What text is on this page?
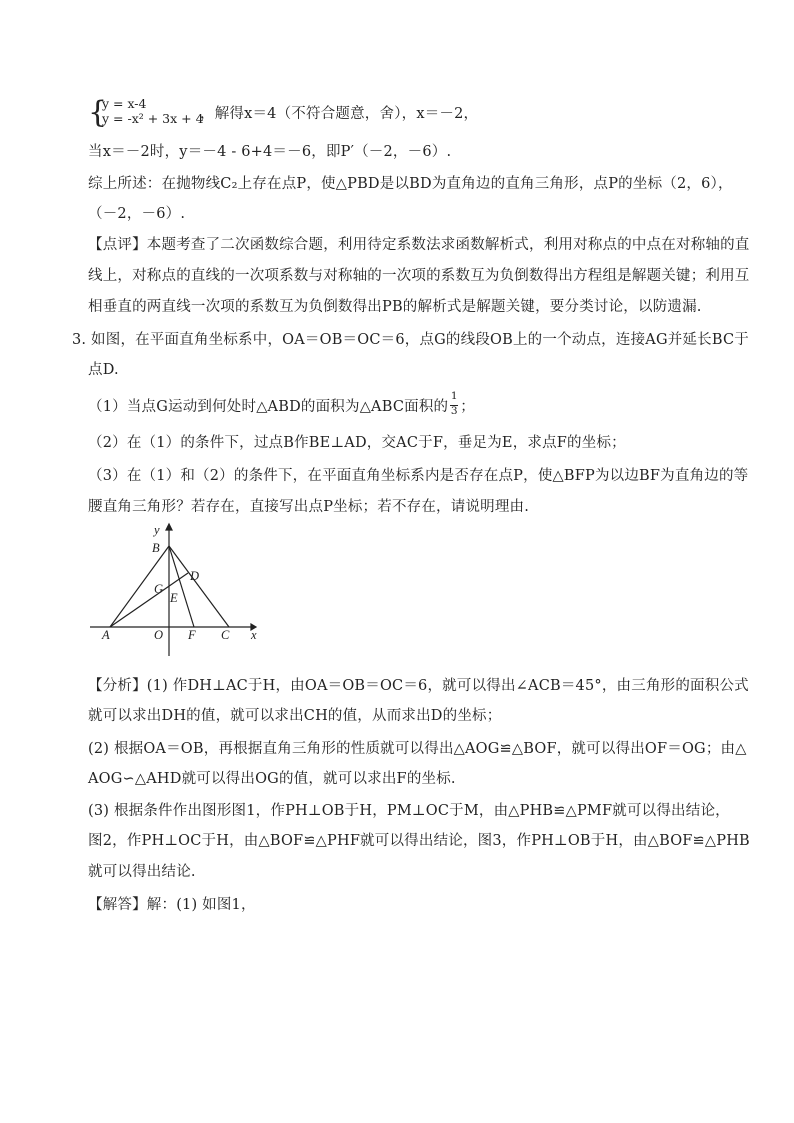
{
y = x-4
y = -x² + 3x + 4
，解得x＝4（不符合题意，舍），x＝－2，
当x＝－2时，y＝－4 - 6+4＝－6，即P′（－2，－6）.
综上所述：在抛物线C₂上存在点P，使△PBD是以BD为直角边的直角三角形，点P的坐标（2，6），
（－2，－6）.
【点评】本题考查了二次函数综合题，利用待定系数法求函数解析式，利用对称点的中点在对称轴的直
线上，对称点的直线的一次项系数与对称轴的一次项的系数互为负倒数得出方程组是解题关键；利用互
相垂直的两直线一次项的系数互为负倒数得出PB的解析式是解题关键，要分类讨论，以防遗漏.
3. 如图，在平面直角坐标系中，OA＝OB＝OC＝6，点G的线段OB上的一个动点，连接AG并延长BC于
点D.
（1）当点G运动到何处时△ABD的面积为△ABC面积的 $\frac{1}{3}$ ；
（2）在（1）的条件下，过点B作BE⊥AD，交AC于F，垂足为E，求点F的坐标；
（3）在（1）和（2）的条件下，在平面直角坐标系内是否存在点P，使△BFP为以边BF为直角边的等
腰直角三角形？若存在，直接写出点P坐标；若不存在，请说明理由.
y
B
D
G
E
A	O F C x
【分析】(1) 作DH⊥AC于H，由OA＝OB＝OC＝6，就可以得出∠ACB＝45°，由三角形的面积公式
就可以求出DH的值，就可以求出CH的值，从而求出D的坐标；
(2) 根据OA＝OB，再根据直角三角形的性质就可以得出△AOG≌△BOF，就可以得出OF＝OG；由△
AOG∽△AHD就可以得出OG的值，就可以求出F的坐标.
(3) 根据条件作出图形图1，作PH⊥OB于H，PM⊥OC于M，由△PHB≌△PMF就可以得出结论，
图2，作PH⊥OC于H，由△BOF≌△PHF就可以得出结论，图3，作PH⊥OB于H，由△BOF≌△PHB
就可以得出结论.
【解答】解：(1) 如图1，
